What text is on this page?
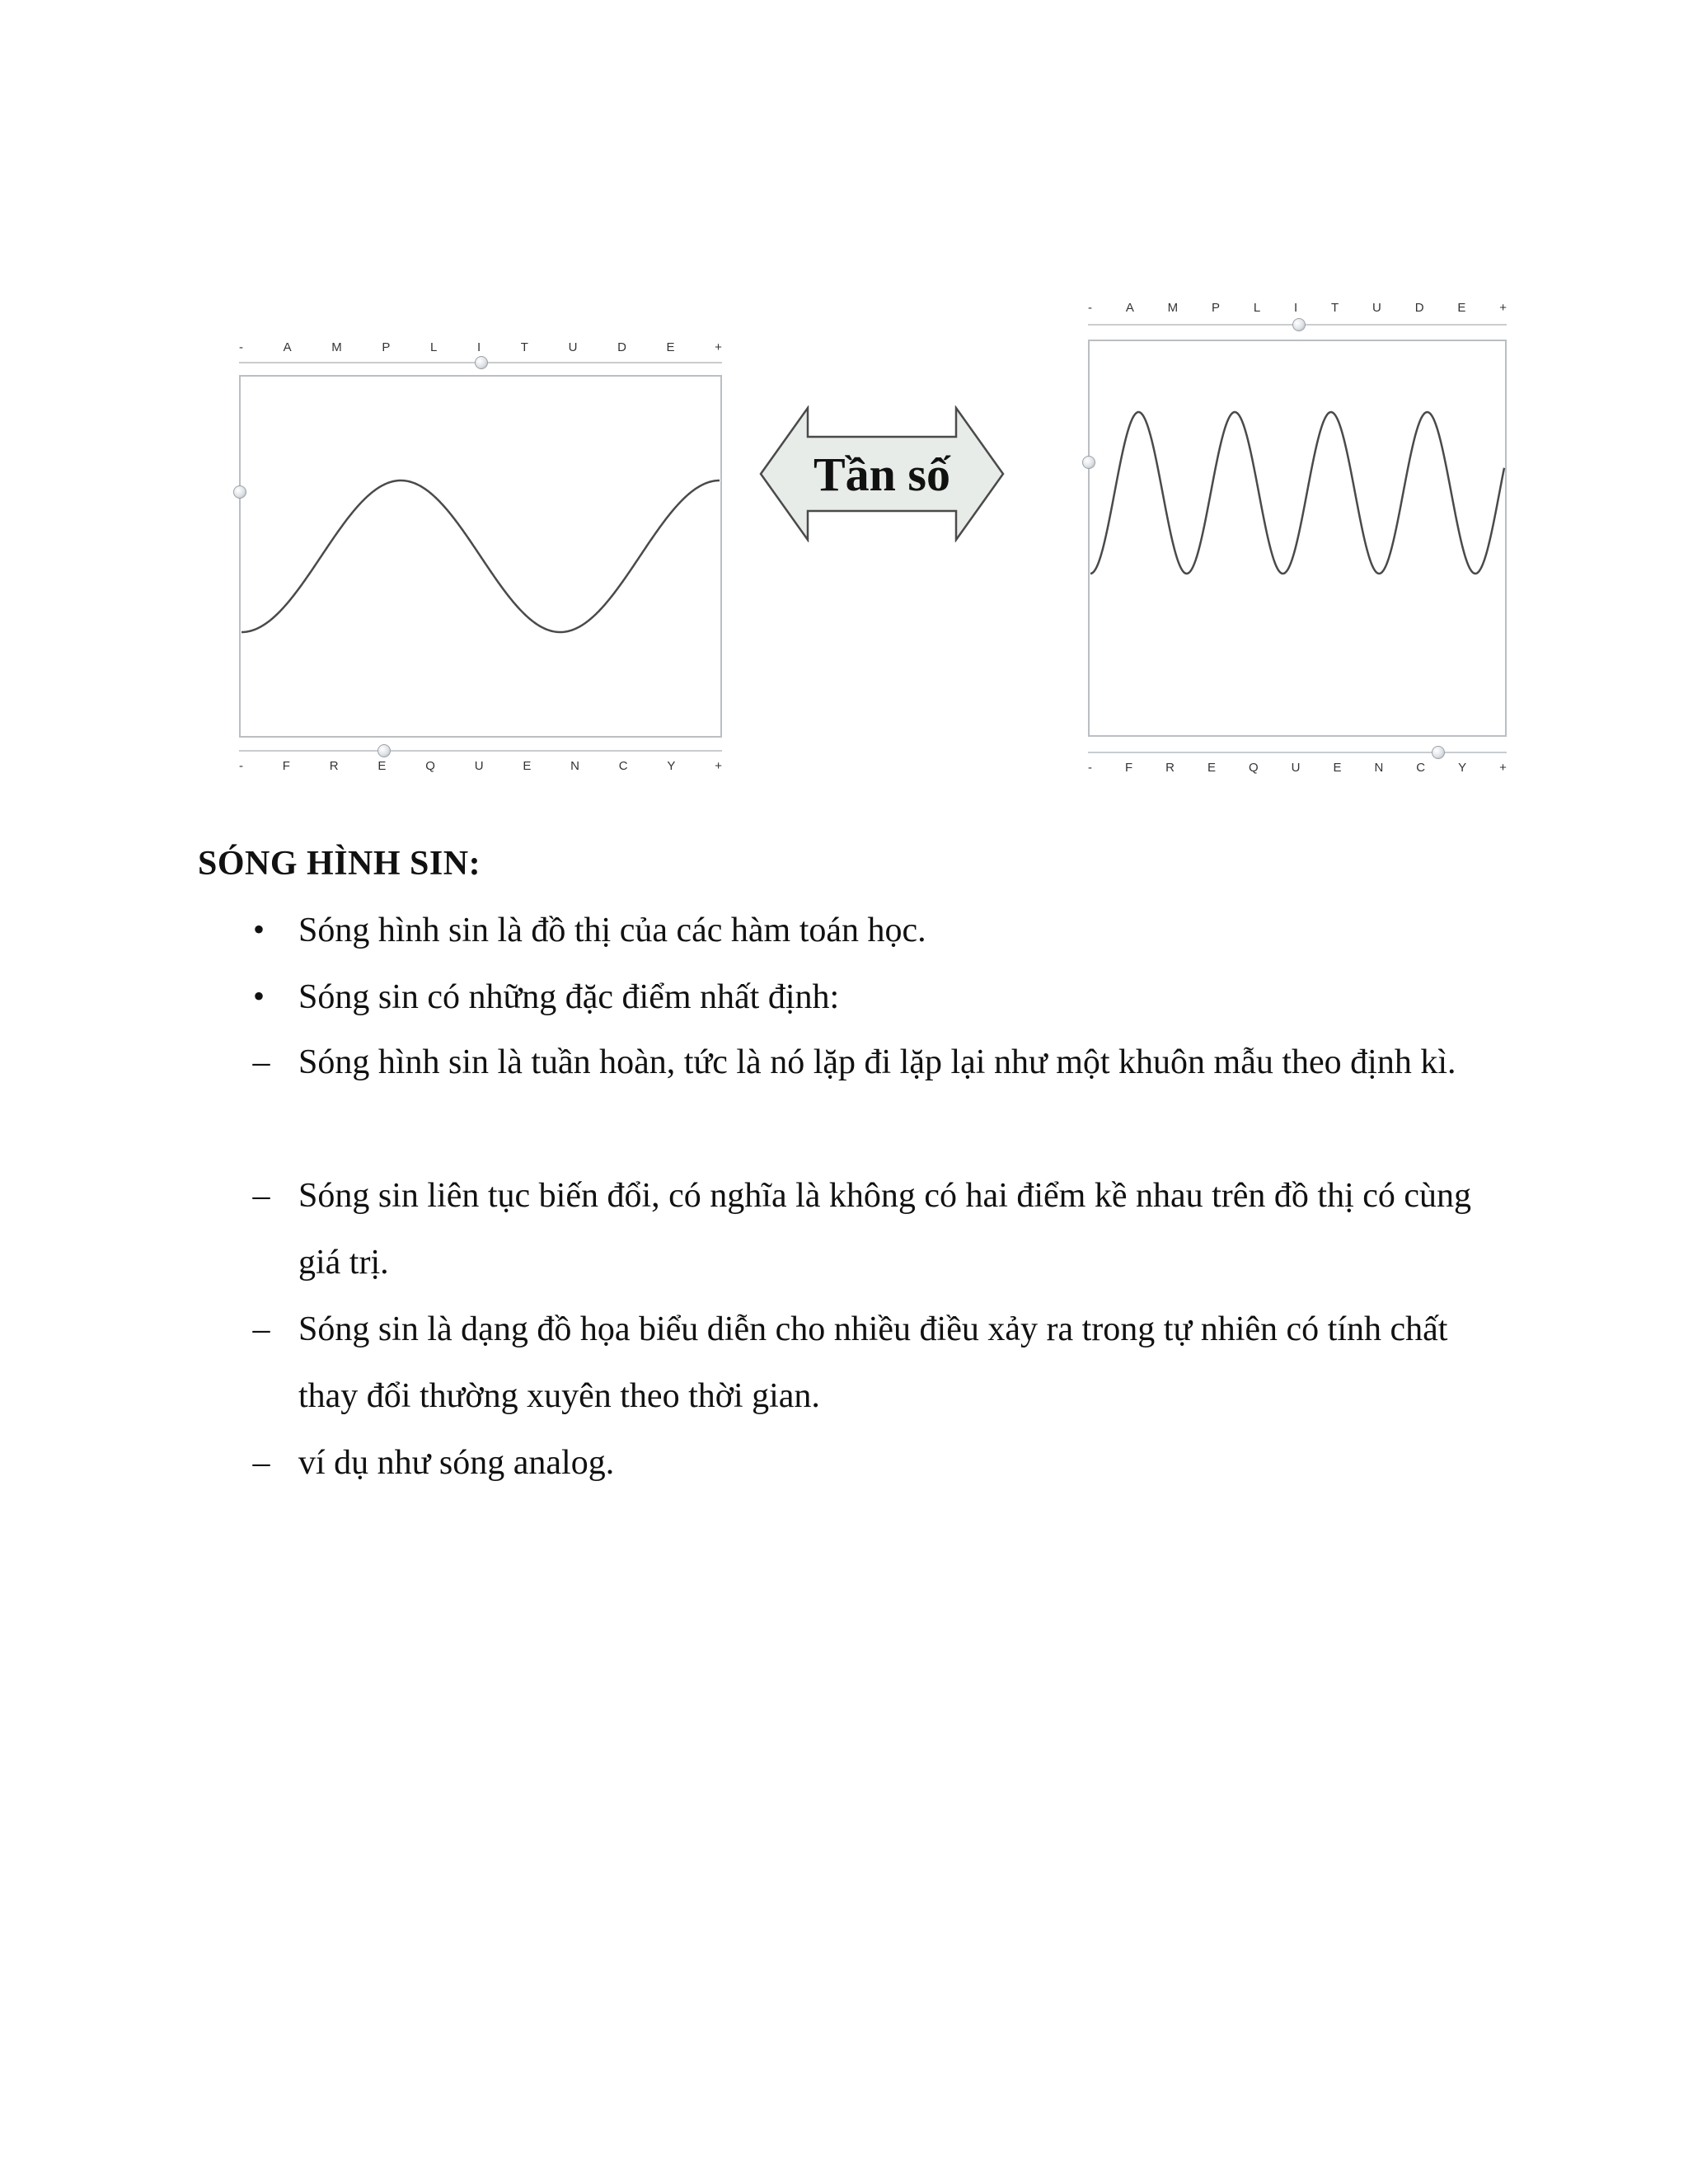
-	A	M	P	L	I	T	U	D	E	+
-	F	R	E	Q	U	E	N	C	Y	+
Tần số
-	A	M	P	L	I	T	U	D	E	+
-	F	R	E	Q	U	E	N	C	Y	+
SÓNG HÌNH SIN:
• Sóng hình sin là đồ thị của các hàm toán học.
• Sóng sin có những đặc điểm nhất định:
– Sóng hình sin là tuần hoàn, tức là nó lặp đi lặp lại như một khuôn mẫu theo định kì.
– Sóng sin liên tục biến đổi, có nghĩa là không có hai điểm kề nhau trên đồ thị có cùng giá trị.
– Sóng sin là dạng đồ họa biểu diễn cho nhiều điều xảy ra trong tự nhiên có tính chất thay đổi thường xuyên theo thời gian.
– ví dụ như sóng analog.
